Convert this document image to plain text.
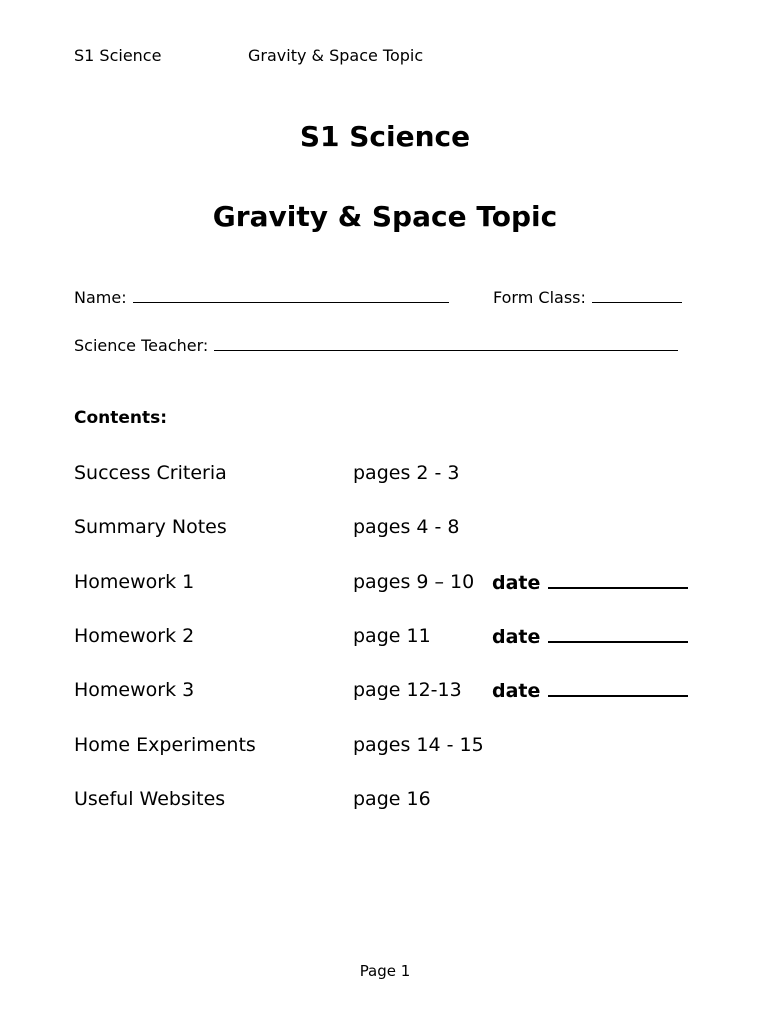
S1 Science	Gravity & Space Topic
S1 Science
Gravity & Space Topic
Name:	Form Class:
Science Teacher:
Contents:
Success Criteria	pages 2 - 3
Summary Notes	pages 4 - 8
Homework 1	pages 9 – 10 date
Homework 2	page 11	date
Homework 3	page 12-13 date
Home Experiments	pages 14 - 15
Useful Websites	page 16
Page 1
